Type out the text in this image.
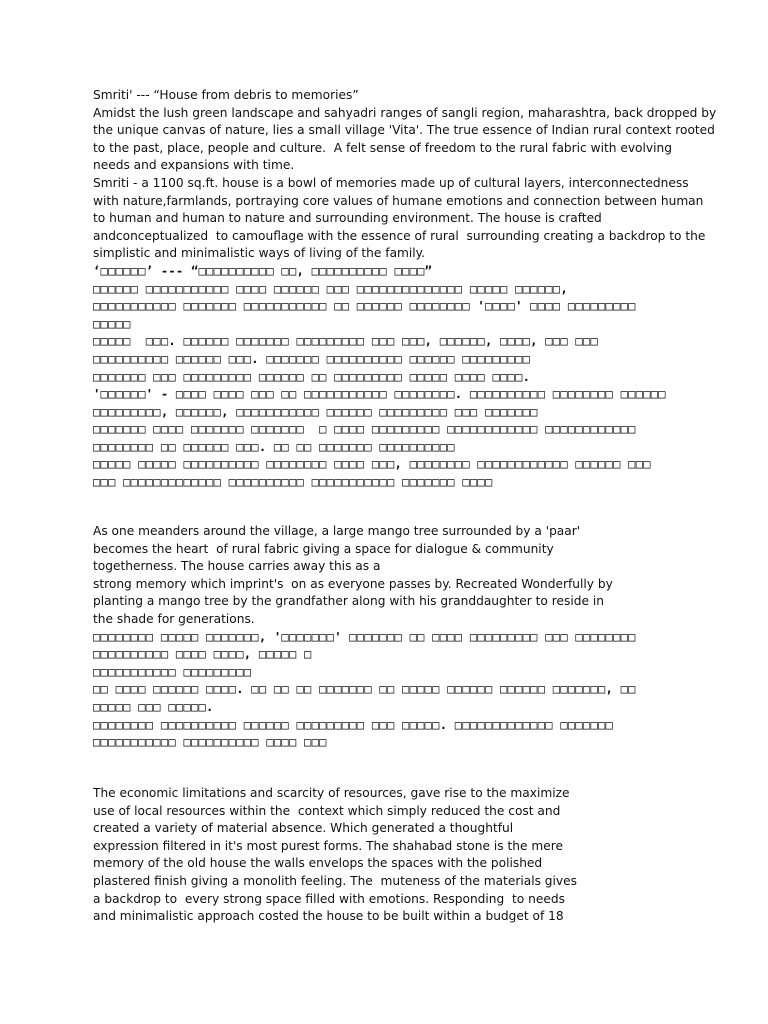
Smriti' --- “House from debris to memories”
Amidst the lush green landscape and sahyadri ranges of sangli region, maharashtra, back dropped by
the unique canvas of nature, lies a small village 'Vita'. The true essence of Indian rural context rooted
to the past, place, people and culture.  A felt sense of freedom to the rural fabric with evolving
needs and expansions with time.
Smriti - a 1100 sq.ft. house is a bowl of memories made up of cultural layers, interconnectedness
with nature,farmlands, portraying core values of humane emotions and connection between human
to human and human to nature and surrounding environment. The house is crafted
andconceptualized  to camouflage with the essence of rural  surrounding creating a backdrop to the
simplistic and minimalistic ways of living of the family.
‘□□□□□□’ --- “□□□□□□□□□□ □□, □□□□□□□□□□ □□□□”
□□□□□□ □□□□□□□□□□□ □□□□ □□□□□□ □□□ □□□□□□□□□□□□□□ □□□□□ □□□□□□,
□□□□□□□□□□□ □□□□□□□ □□□□□□□□□□□ □□ □□□□□□ □□□□□□□□ '□□□□' □□□□ □□□□□□□□□
□□□□□
□□□□□  □□□. □□□□□□ □□□□□□□ □□□□□□□□□ □□□ □□□, □□□□□□, □□□□, □□□ □□□
□□□□□□□□□□ □□□□□□ □□□. □□□□□□□ □□□□□□□□□□ □□□□□□ □□□□□□□□□
□□□□□□□ □□□ □□□□□□□□□ □□□□□□ □□ □□□□□□□□□ □□□□□ □□□□ □□□□.
'□□□□□□' - □□□□ □□□□ □□□ □□ □□□□□□□□□□□ □□□□□□□□. □□□□□□□□□□ □□□□□□□□ □□□□□□
□□□□□□□□□, □□□□□□, □□□□□□□□□□□ □□□□□□ □□□□□□□□□ □□□ □□□□□□□
□□□□□□□ □□□□ □□□□□□□ □□□□□□□  □ □□□□ □□□□□□□□□ □□□□□□□□□□□□ □□□□□□□□□□□□
□□□□□□□□ □□ □□□□□□ □□□. □□ □□ □□□□□□□ □□□□□□□□□□
□□□□□ □□□□□ □□□□□□□□□□ □□□□□□□□ □□□□ □□□, □□□□□□□□ □□□□□□□□□□□□ □□□□□□ □□□
□□□ □□□□□□□□□□□□□ □□□□□□□□□□ □□□□□□□□□□□ □□□□□□□ □□□□
As one meanders around the village, a large mango tree surrounded by a 'paar'
becomes the heart  of rural fabric giving a space for dialogue & community
togetherness. The house carries away this as a
strong memory which imprint's  on as everyone passes by. Recreated Wonderfully by
planting a mango tree by the grandfather along with his granddaughter to reside in
the shade for generations.
□□□□□□□□ □□□□□ □□□□□□□, '□□□□□□□' □□□□□□□ □□ □□□□ □□□□□□□□□ □□□ □□□□□□□□
□□□□□□□□□□ □□□□ □□□□, □□□□□ □
□□□□□□□□□□□ □□□□□□□□□
□□ □□□□ □□□□□□ □□□□. □□ □□ □□ □□□□□□□ □□ □□□□□ □□□□□□ □□□□□□ □□□□□□□, □□
□□□□□ □□□ □□□□□.
□□□□□□□□ □□□□□□□□□□ □□□□□□ □□□□□□□□□ □□□ □□□□□. □□□□□□□□□□□□□ □□□□□□□
□□□□□□□□□□□ □□□□□□□□□□ □□□□ □□□
The economic limitations and scarcity of resources, gave rise to the maximize
use of local resources within the  context which simply reduced the cost and
created a variety of material absence. Which generated a thoughtful
expression filtered in it's most purest forms. The shahabad stone is the mere
memory of the old house the walls envelops the spaces with the polished
plastered finish giving a monolith feeling. The  muteness of the materials gives
a backdrop to  every strong space filled with emotions. Responding  to needs
and minimalistic approach costed the house to be built within a budget of 18
